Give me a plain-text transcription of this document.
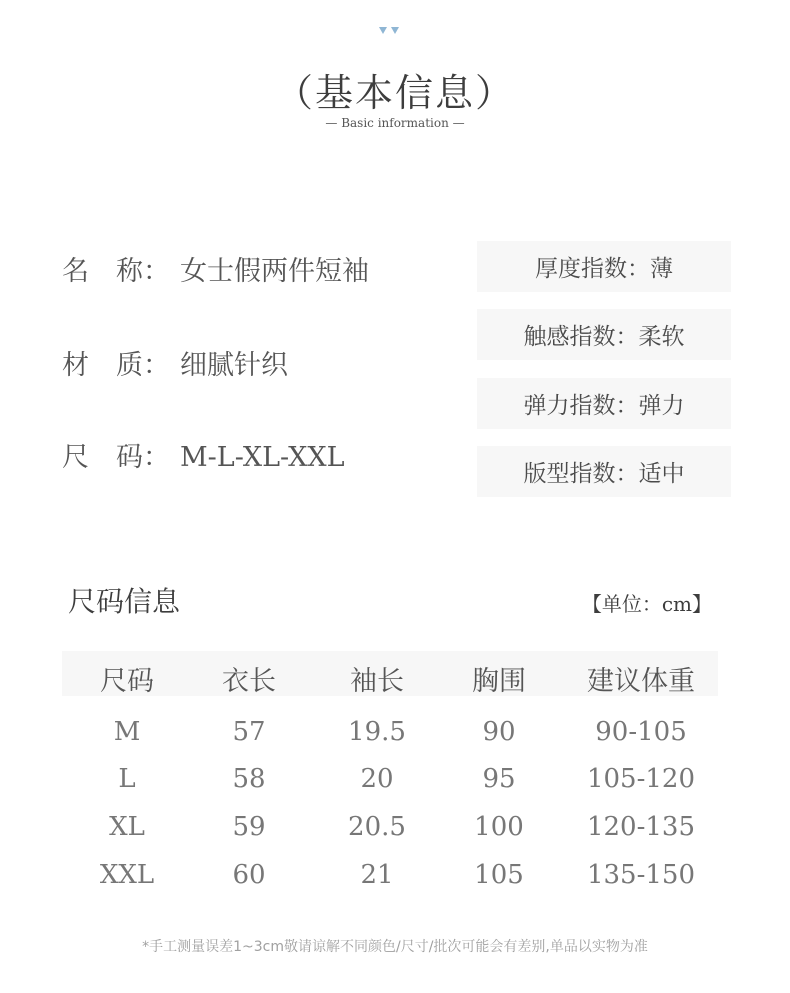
（基本信息）
— Basic information —
名　称： 女士假两件短袖
材　质： 细腻针织
尺　码： M-L-XL-XXL
厚度指数： 薄
触感指数： 柔软
弹力指数： 弹力
版型指数： 适中
尺码信息	【单位：cm】
尺码	衣长	袖长	胸围	建议体重
M	57	19.5	90	90-105
L	58	20	95	105-120
XL	59	20.5	100	120-135
XXL	60	21	105	135-150
*手工测量误差1~3cm敬请谅解不同颜色/尺寸/批次可能会有差别,单品以实物为准
